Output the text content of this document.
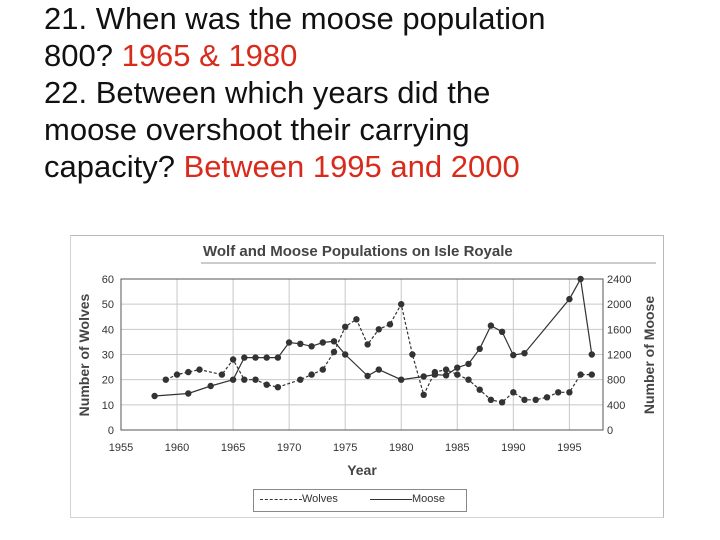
21. When was the moose population

800? 1965 & 1980

22. Between which years did the

moose overshoot their carrying

capacity? Between 1995 and 2000

Wolf and Moose Populations on Isle Royale
1955	1960	1965	1970	1975	1980	1985	1990	1995
0
10
20
30
40
50
60
0
400
800
1200
1600
2000
2400
Number of Wolves	Number of Moose
Year
Wolves	Moose
